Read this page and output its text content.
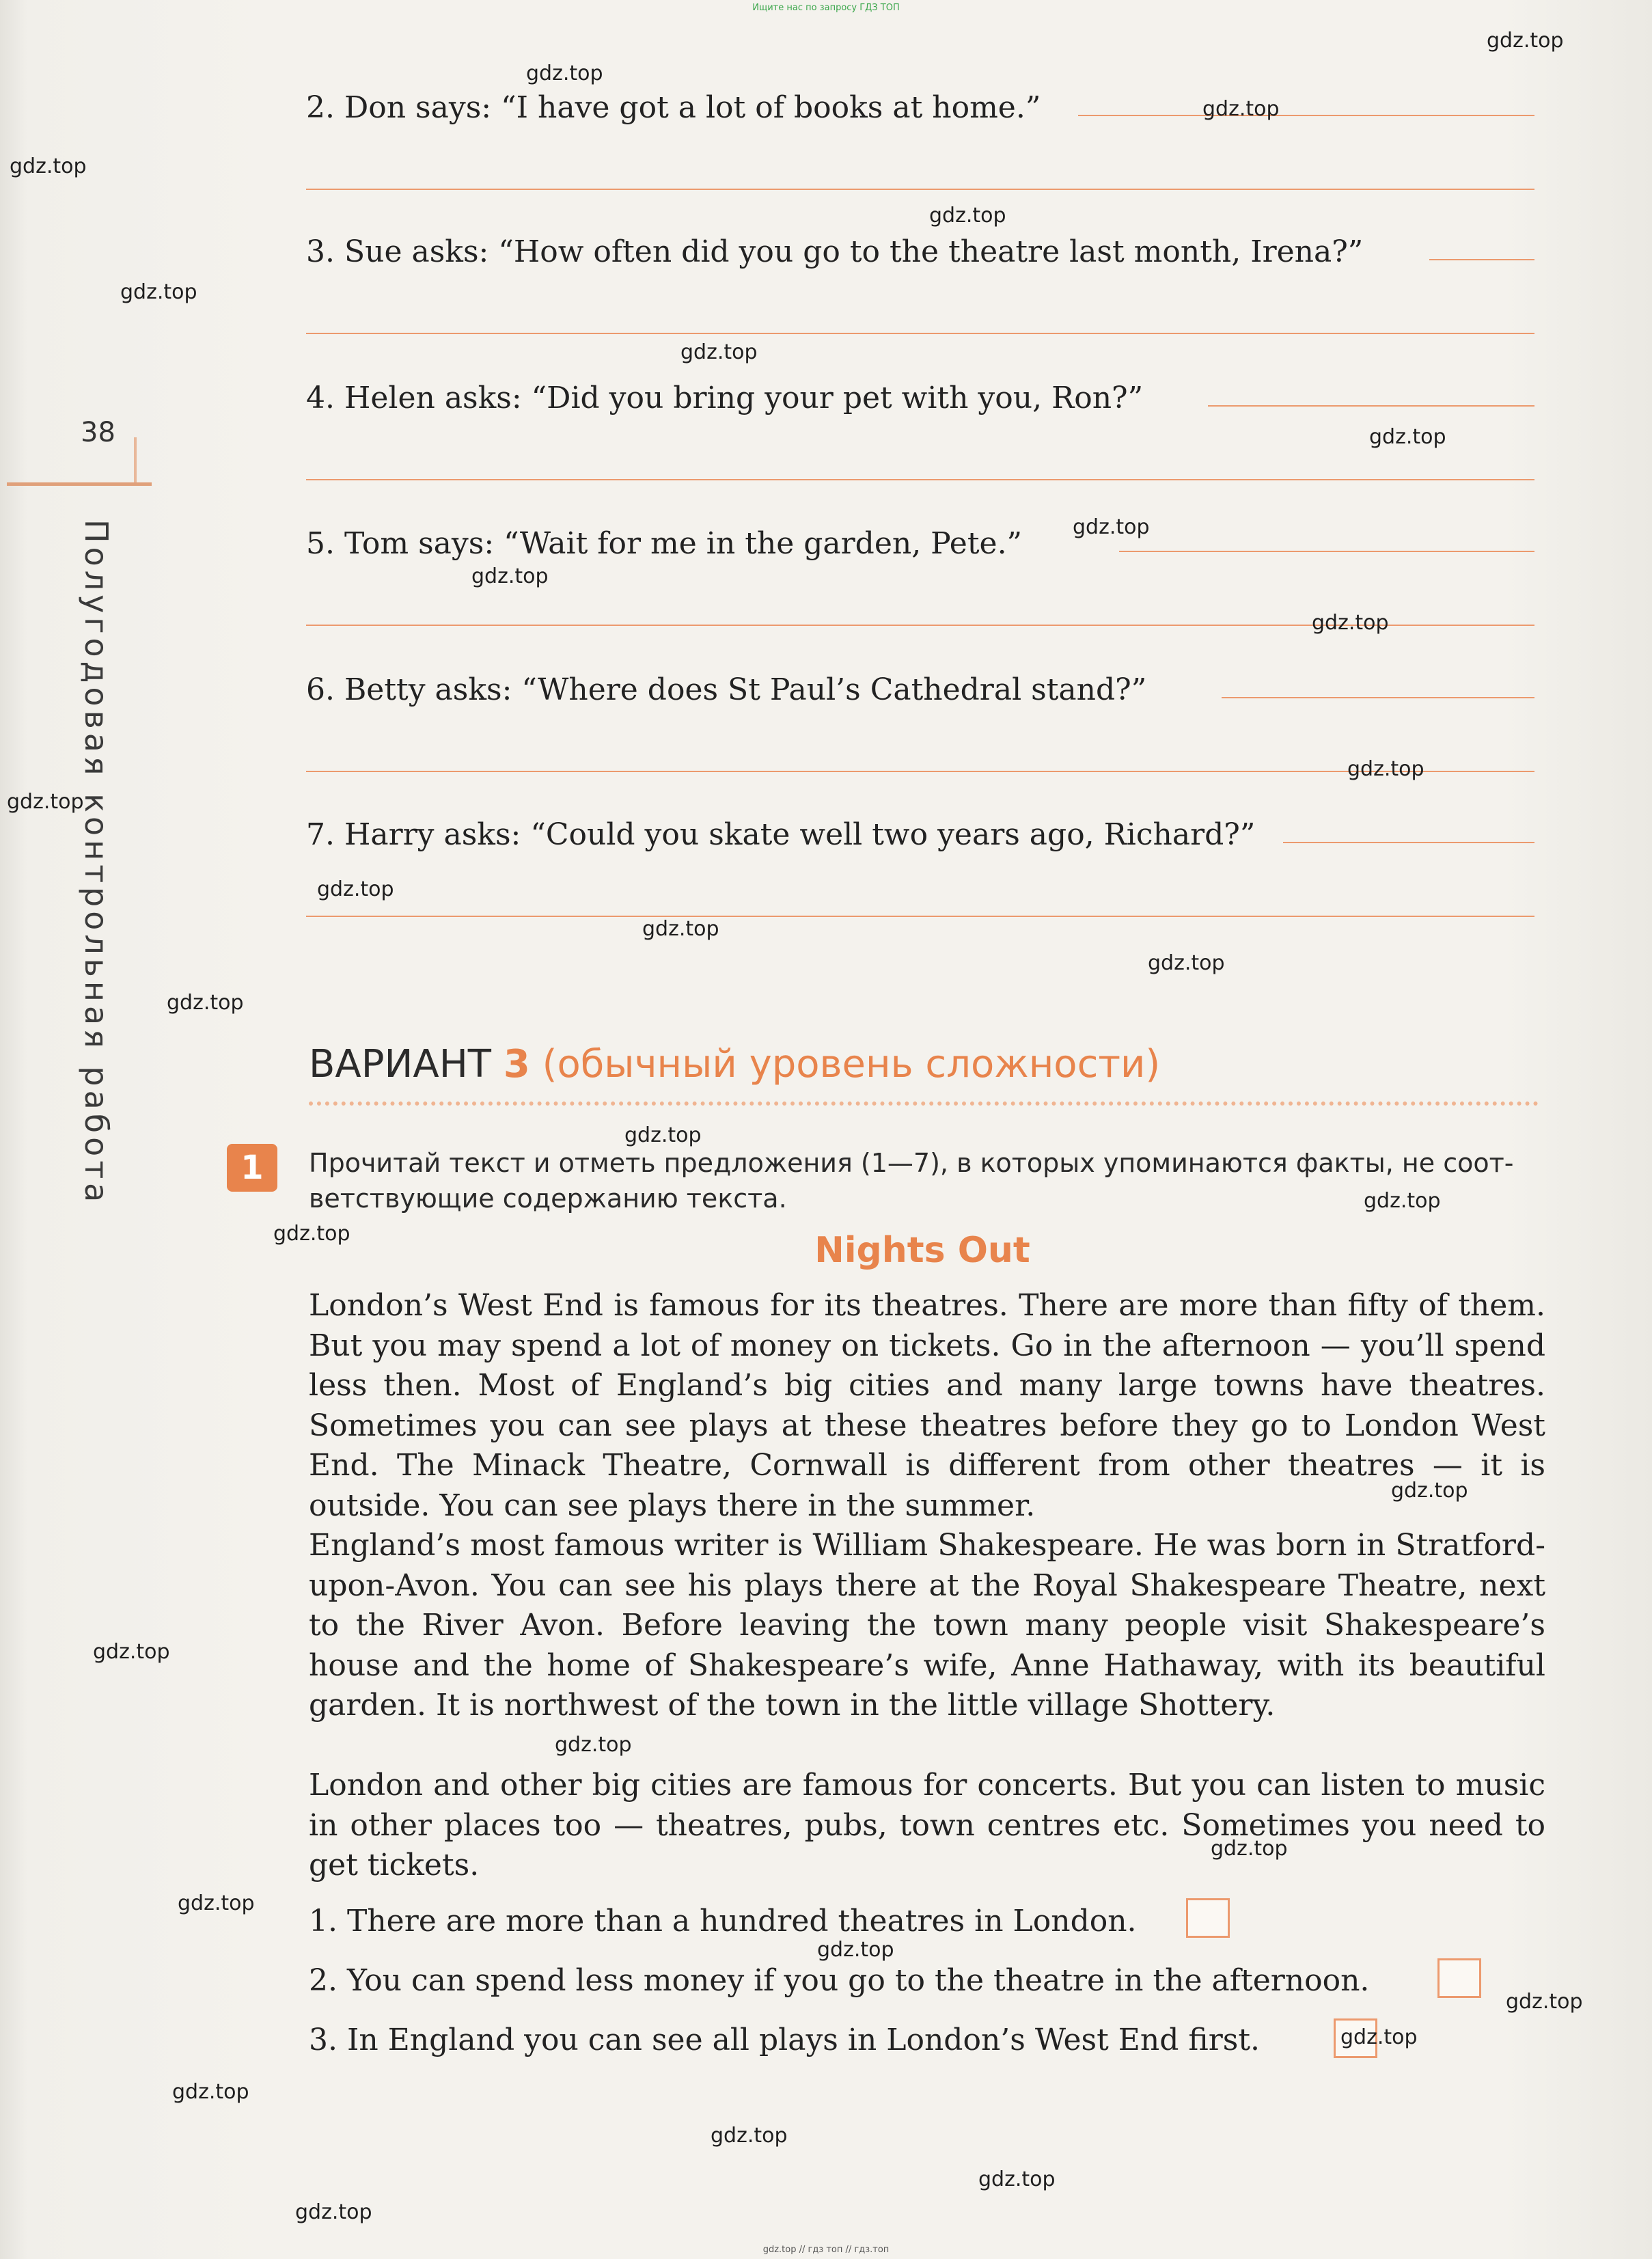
Ищите нас по запросу ГДЗ ТОП
38
Полугодовая контрольная работа
2. Don says: “I have got a lot of books at home.”
3. Sue asks: “How often did you go to the theatre last month, Irena?”
4. Helen asks: “Did you bring your pet with you, Ron?”
5. Tom says: “Wait for me in the garden, Pete.”
6. Betty asks: “Where does St Paul’s Cathedral stand?”
7. Harry asks: “Could you skate well two years ago, Richard?”
ВАРИАНТ 3 (обычный уровень сложности)
1	Прочитай текст и отметь предложения (1—7), в которых упоминаются факты, не соот-ветствующие содержанию текста.
Nights Out
London’s West End is famous for its theatres. There are more than fifty of them. But you may spend a lot of money on tickets. Go in the afternoon — you’ll spend less then. Most of England’s big cities and many large towns have theatres. Sometimes you can see plays at these theatres before they go to London West End. The Minack Theatre, Cornwall is different from other theatres — it is outside. You can see plays there in the summer.
England’s most famous writer is William Shakespeare. He was born in Stratford-upon-Avon. You can see his plays there at the Royal Shakespeare Theatre, next to the River Avon. Before leaving the town many people visit Shakespeare’s house and the home of Shakespeare’s wife, Anne Hathaway, with its beautiful garden. It is northwest of the town in the little village Shottery.
London and other big cities are famous for concerts. But you can listen to music in other places too — theatres, pubs, town centres etc. Sometimes you need to get tickets.
1. There are more than a hundred theatres in London.
2. You can spend less money if you go to the theatre in the afternoon.
3. In England you can see all plays in London’s West End first.
gdz.top
gdz.top
gdz.top
gdz.top
gdz.top
gdz.top
gdz.top
gdz.top
gdz.top
gdz.top
gdz.top
gdz.top
gdz.top
gdz.top
gdz.top
gdz.top
gdz.top
gdz.top
gdz.top
gdz.top
gdz.top
gdz.top
gdz.top
gdz.top
gdz.top
gdz.top
gdz.top
gdz.top
gdz.top
gdz.top
gdz.top
gdz.top
gdz.top // гдз топ // гдз.топ
